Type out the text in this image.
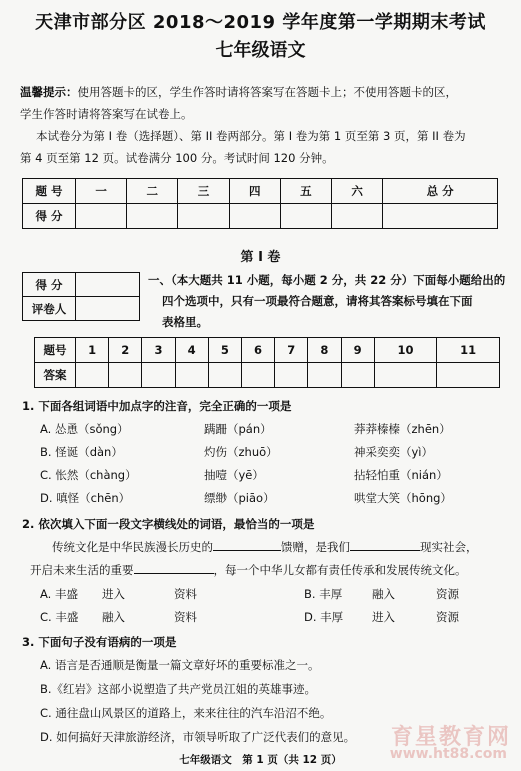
天津市部分区 2018～2019 学年度第一学期期末考试
七年级语文
温馨提示：使用答题卡的区，学生作答时请将答案写在答题卡上；不使用答题卡的区，
学生作答时请将答案写在试卷上。
本试卷分为第 I 卷（选择题）、第 II 卷两部分。第 I 卷为第 1 页至第 3 页，第 II 卷为
第 4 页至第 12 页。试卷满分 100 分。考试时间 120 分钟。
题 号	一	二	三	四	五	六	总 分
得 分							
第 I 卷
得 分	
评卷人	
一、（本大题共 11 小题，每小题 2 分，共 22 分）下面每小题给出的
四个选项中，只有一项最符合题意，请将其答案标号填在下面
表格里。
题号	1	2	3	4	5	6	7	8	9	10	11
答案											
1. 下面各组词语中加点字的注音，完全正确的一项是
A. 怂恿（sǒng）	蹒跚（pán）	莽莽榛榛（zhēn）
B. 怪诞（dàn）	灼伤（zhuō）	神采奕奕（yì）
C. 怅然（chàng）	抽噎（yē）	拈轻怕重（nián）
D. 嗔怪（chēn）	缥缈（piāo）	哄堂大笑（hōng）
2. 依次填入下面一段文字横线处的词语，最恰当的一项是
传统文化是中华民族漫长历史的	馈赠，是我们	现实社会，
开启未来生活的重要	，每一个中华儿女都有责任传承和发展传统文化。
A. 丰盛 进入	资料	B. 丰厚	融入	资源
C. 丰盛 融入	资料	D. 丰厚	进入	资源
3. 下面句子没有语病的一项是
A. 语言是否通顺是衡量一篇文章好坏的重要标准之一。
B.《红岩》这部小说塑造了共产党员江姐的英雄事迹。
C. 通往盘山风景区的道路上，来来往往的汽车沿沼不绝。
D. 如何搞好天津旅游经济，市领导听取了广泛代表们的意见。 育星教育网
www.ht88.com
七年级语文　第 1 页（共 12 页）
